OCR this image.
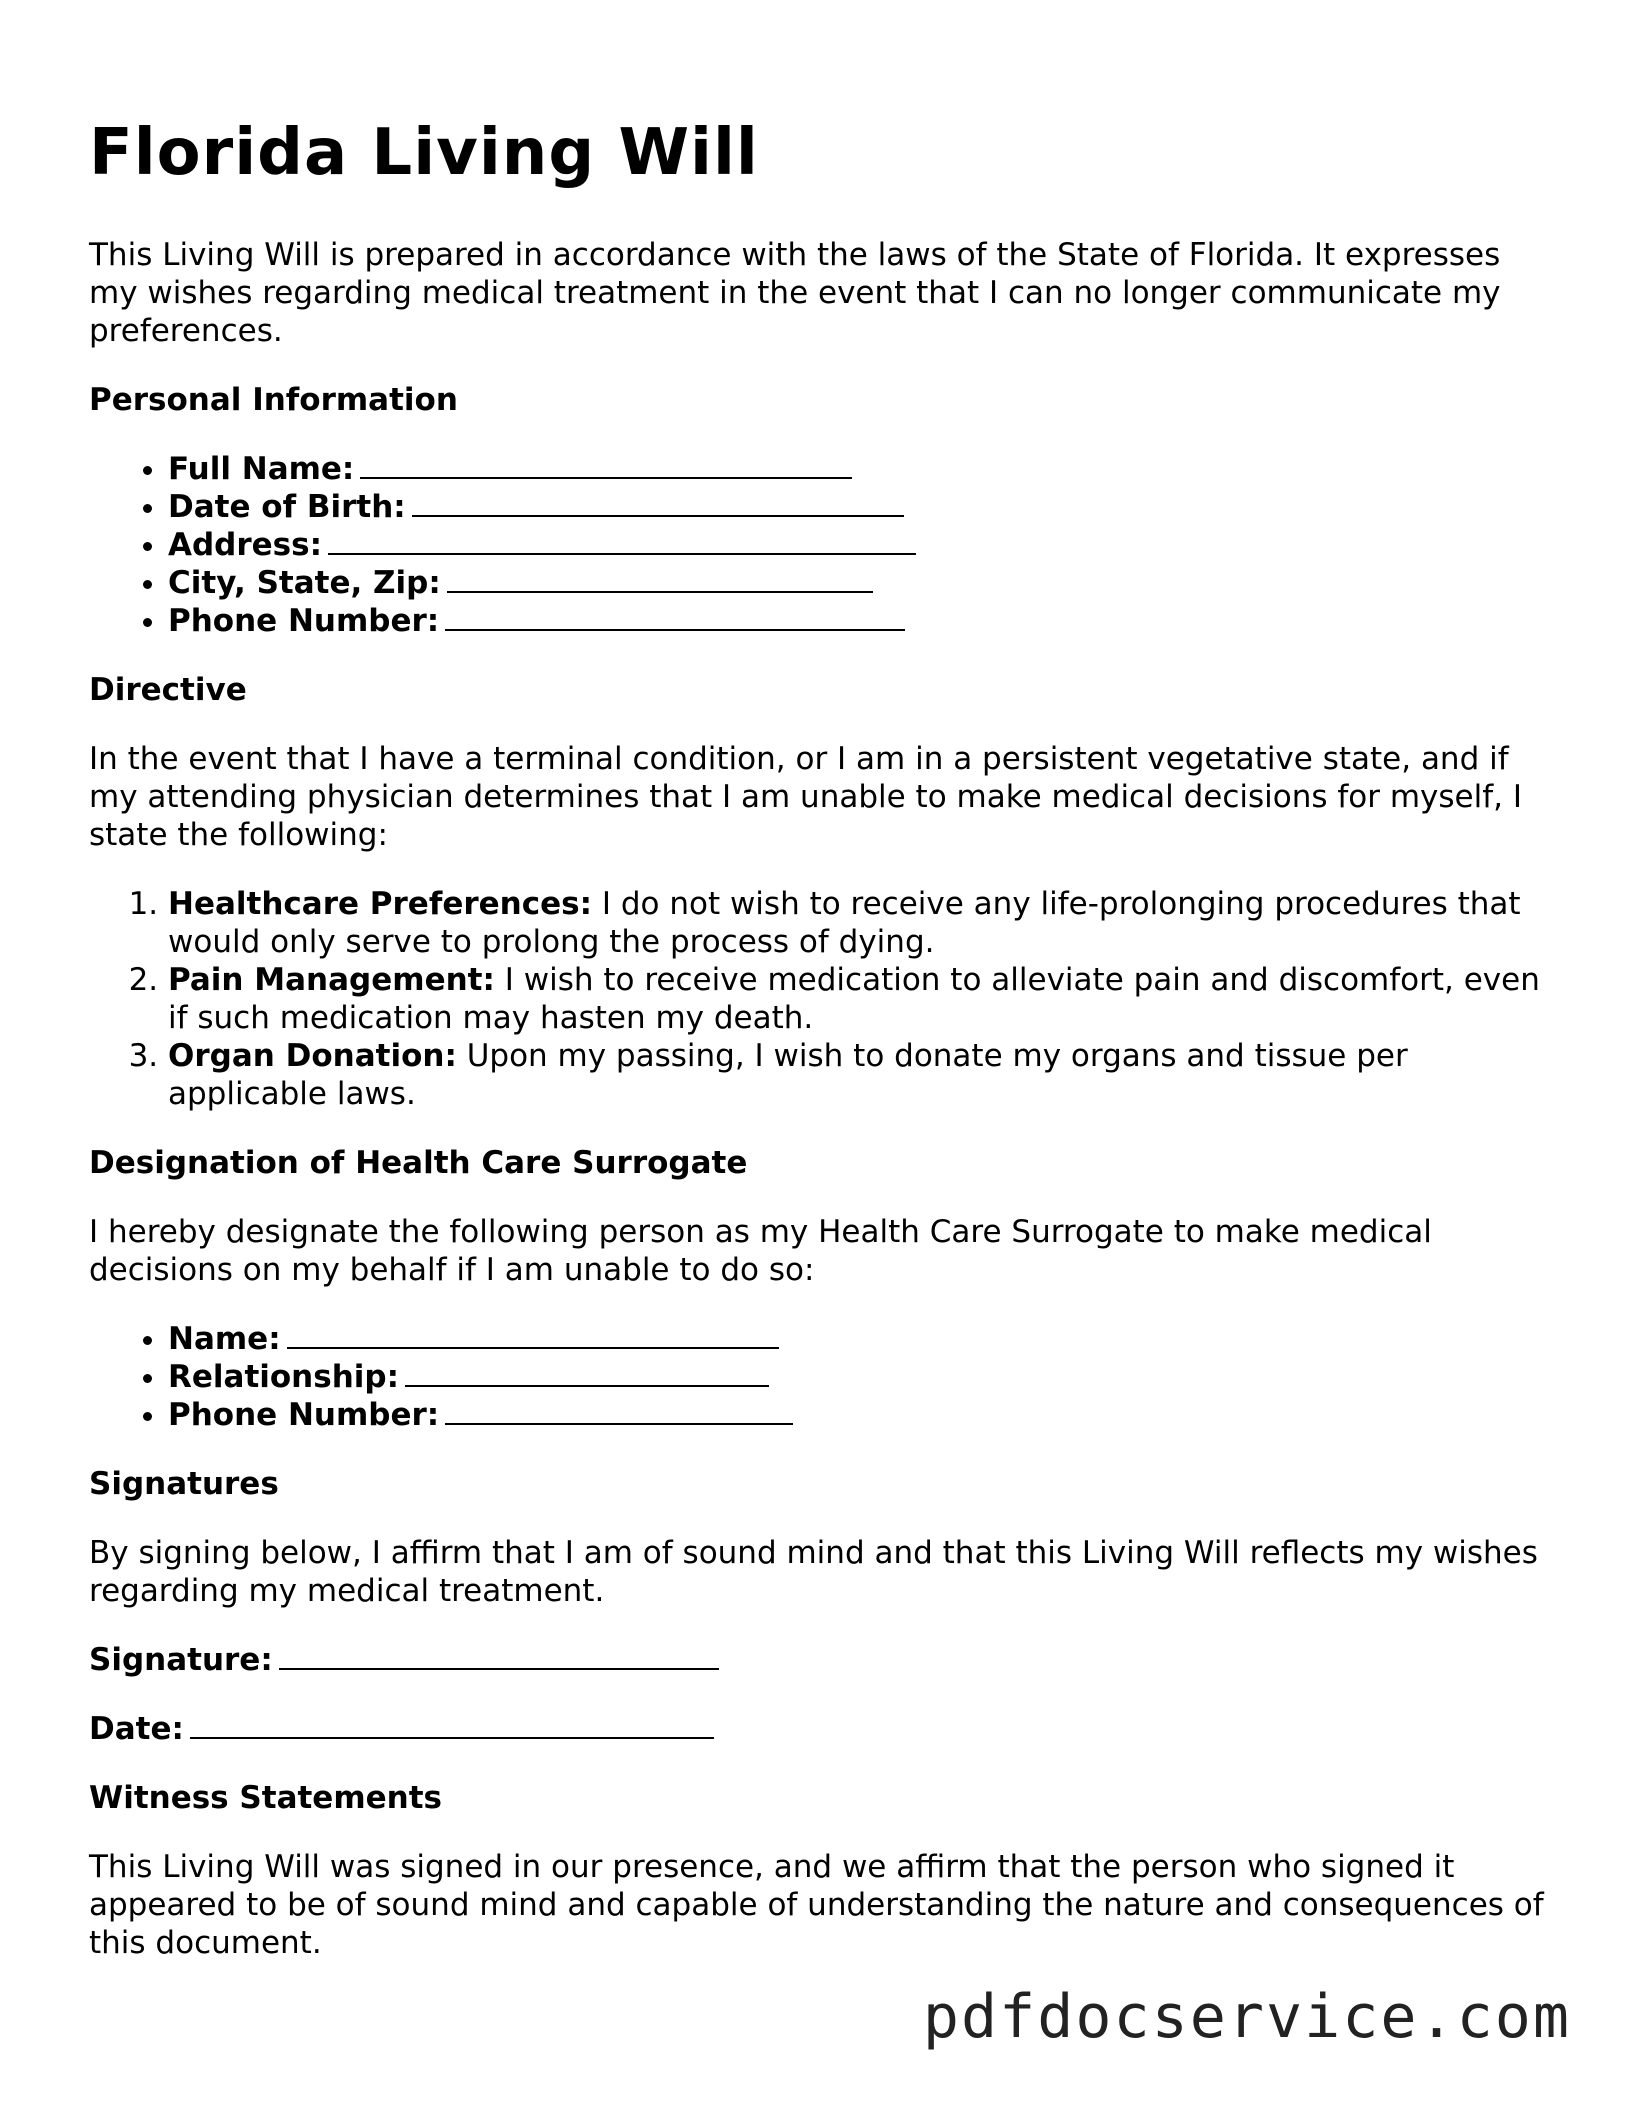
Florida Living Will

This Living Will is prepared in accordance with the laws of the State of Florida. It expresses my wishes regarding medical treatment in the event that I can no longer communicate my preferences.

Personal Information
• Full Name:
• Date of Birth:
• Address:
• City, State, Zip:
• Phone Number:
Directive

In the event that I have a terminal condition, or I am in a persistent vegetative state, and if my attending physician determines that I am unable to make medical decisions for myself, I state the following:

1. Healthcare Preferences: I do not wish to receive any life-prolonging procedures that would only serve to prolong the process of dying.
2. Pain Management: I wish to receive medication to alleviate pain and discomfort, even if such medication may hasten my death.
3. Organ Donation: Upon my passing, I wish to donate my organs and tissue per applicable laws.
Designation of Health Care Surrogate

I hereby designate the following person as my Health Care Surrogate to make medical decisions on my behalf if I am unable to do so:

• Name:
• Relationship:
• Phone Number:
Signatures

By signing below, I affirm that I am of sound mind and that this Living Will reflects my wishes regarding my medical treatment.

Signature:
Date:
Witness Statements

This Living Will was signed in our presence, and we affirm that the person who signed it appeared to be of sound mind and capable of understanding the nature and consequences of this document.

pdfdocservice.com
